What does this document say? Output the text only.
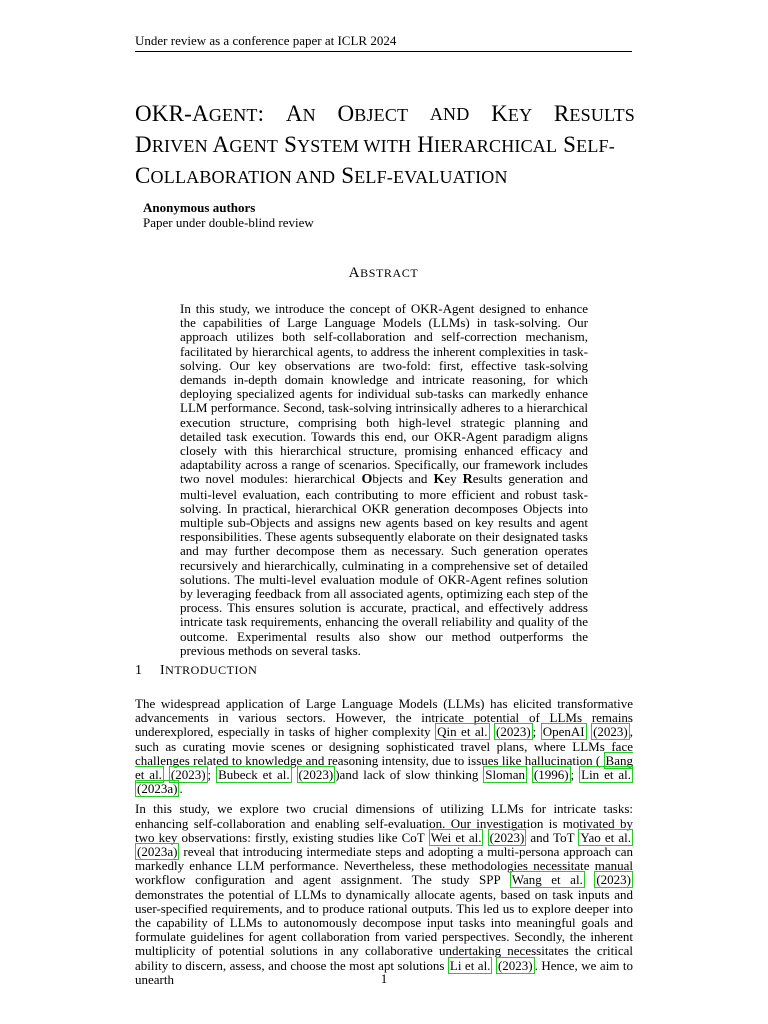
Under review as a conference paper at ICLR 2024
OKR-AGENT: AN OBJECT AND KEY RESULTS
DRIVEN AGENT SYSTEM WITH HIERARCHICAL SELF-
COLLABORATION AND SELF-EVALUATION
Anonymous authors
Paper under double-blind review
ABSTRACT

In this study, we introduce the concept of OKR-Agent designed to enhance the capabilities of Large Language Models (LLMs) in task-solving. Our approach utilizes both self-collaboration and self-correction mechanism, facilitated by hierarchical agents, to address the inherent complexities in task-solving. Our key observations are two-fold: first, effective task-solving demands in-depth domain knowledge and intricate reasoning, for which deploying specialized agents for individual sub-tasks can markedly enhance LLM performance. Second, task-solving intrinsically adheres to a hierarchical execution structure, comprising both high-level strategic planning and detailed task execution. Towards this end, our OKR-Agent paradigm aligns closely with this hierarchical structure, promising enhanced efficacy and adaptability across a range of scenarios. Specifically, our framework includes two novel modules: hierarchical Objects and Key Results generation and multi-level evaluation, each contributing to more efficient and robust task-solving. In practical, hierarchical OKR generation decomposes Objects into multiple sub-Objects and assigns new agents based on key results and agent responsibilities. These agents subsequently elaborate on their designated tasks and may further decompose them as necessary. Such generation operates recursively and hierarchically, culminating in a comprehensive set of detailed solutions. The multi-level evaluation module of OKR-Agent refines solution by leveraging feedback from all associated agents, optimizing each step of the process. This ensures solution is accurate, practical, and effectively address intricate task requirements, enhancing the overall reliability and quality of the outcome. Experimental results also show our method outperforms the previous methods on several tasks.

1 INTRODUCTION

The widespread application of Large Language Models (LLMs) has elicited transformative advancements in various sectors. However, the intricate potential of LLMs remains underexplored, especially in tasks of higher complexity Qin et al. (2023) ; OpenAI (2023) , such as curating movie scenes or designing sophisticated travel plans, where LLMs face challenges related to knowledge and reasoning intensity, due to issues like hallucination ( Bang et al. (2023) ; Bubeck et al. (2023) )and lack of slow thinking Sloman (1996) ; Lin et al. (2023a) .

In this study, we explore two crucial dimensions of utilizing LLMs for intricate tasks: enhancing self-collaboration and enabling self-evaluation. Our investigation is motivated by two key observations: firstly, existing studies like CoT Wei et al. (2023) and ToT Yao et al. (2023a) reveal that introducing intermediate steps and adopting a multi-persona approach can markedly enhance LLM performance. Nevertheless, these methodologies necessitate manual workflow configuration and agent assignment. The study SPP Wang et al. (2023) demonstrates the potential of LLMs to dynamically allocate agents, based on task inputs and user-specified requirements, and to produce rational outputs. This led us to explore deeper into the capability of LLMs to autonomously decompose input tasks into meaningful goals and formulate guidelines for agent collaboration from varied perspectives. Secondly, the inherent multiplicity of potential solutions in any collaborative undertaking necessitates the critical ability to discern, assess, and choose the most apt solutions Li et al. (2023) . Hence, we aim to unearth	1
